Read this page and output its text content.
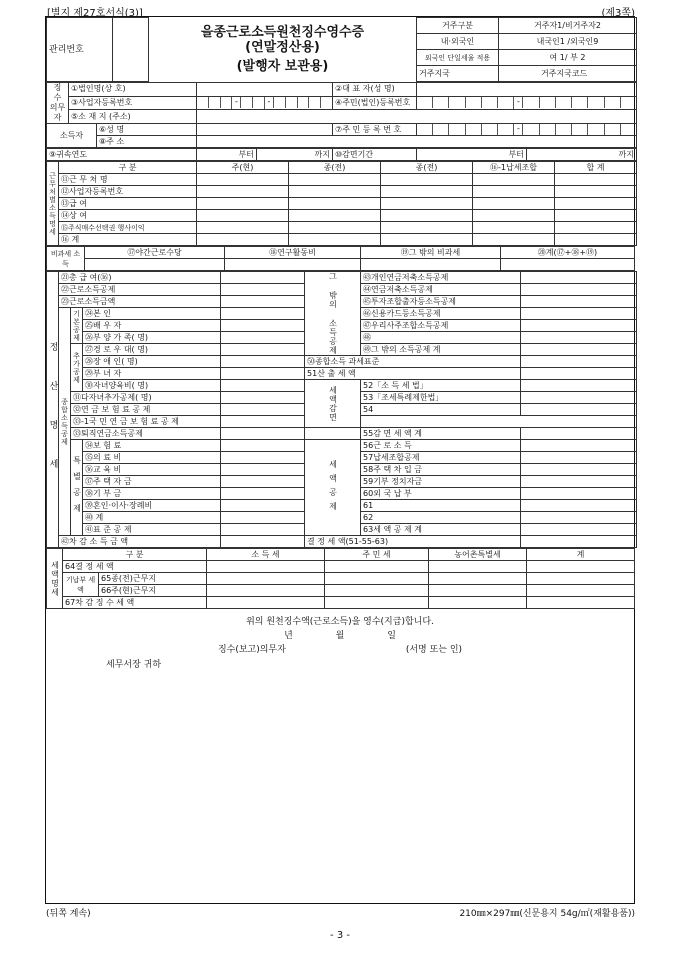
[별지 제27호서식(3)]	(제3쪽)
관리번호		을종근로소득원천징수영수증
(연말정산용)
(발행자 보관용)	거주구분	거주자1/비거주자2
			내·외국인	내국인1 /외국인9
			외국인 단일세율 적용	여 1/ 부 2
			거주지국	거주지국코드
징 수 의무자	①법인명(상 호)			②대 표 자(성 명)	
	③사업자등록번호		- -	④주민(법인)등록번호	-

	⑤소 재 지 (주소)				
소득자		⑥성 명		⑦주 민 등 록 번 호	-

		⑧주 소			
⑨귀속연도	부터	까지	⑩감면기간	부터	까지
근무처별소득명세	구 분	주(현)	종(전)	종(전)	⑯-1납세조합	합 계
	⑪근 무 처 명					
	⑫사업자등록번호					
	⑬급 여					
	⑭상 여					
	⑮주식매수선택권 행사이익					
	⑯ 계					
비과세 소 득	⑰야간근로수당	⑱연구활동비	⑲그 밖의 비과세	⑳계(⑰+⑱+⑲)

정 산 명 세	㉑총 급 여(⑯)				그 밖의 소득공제	㊸개인연금저축소득공제	
	㉒근로소득공제					㊹연금저축소득공제	
	㉓근로소득금액					㊺투자조합출자등소득공제	
	종합소득공제	기본공제	㉔본 인			㊻신용카드등소득공제	
			㉕배 우 자			㊼우리사주조합소득공제	
			㉖부 양 가 족( 명)			㊽	
		추가공제	㉗경 로 우 대( 명)			㊾그 밖의 소득공제 계	
			㉘장 애 인( 명)		㊿종합소득 과세표준		
			㉙부 녀 자		51산 출 세 액		
			㉚자녀양육비( 명)		세액감면	52「소 득 세 법」	
		㉛다자녀추가공제( 명)				53「조세특례제한법」	
		㉜연 금 보 험 료 공 제				54	
		㉝-1국 민 연 금 보 험 료 공 제					
		㉝퇴직연금소득공제				55감 면 세 액 계	
		특별공제	㉞보 험 료		세액공제	56근 로 소 득	
			㉟의 료 비			57납세조합공제	
			㊱교 육 비			58주 택 차 입 금	
			㊲주 택 자 금			59기부 정치자금	
			㊳기 부 금			60외 국 납 부	
			㊴혼인·이사·장례비			61	
			㊵ 계			62	
			㊶표 준 공 제			63세 액 공 제 계	
	㊷차 감 소 득 금 액				결 정 세 액(51-55-63)		
세액명세	구 분		소 득 세	주 민 세	농어촌특별세	계
	64결 정 세 액					
	기납부 세 액	65종(전)근무지				
		66주(현)근무지				
	67차 감 징 수 세 액					
위의 원천징수액(근로소득)을 영수(지급)합니다.
년 월 일
징수(보고)의무자	(서명 또는 인)
세무서장 귀하
(뒤쪽 계속)	210㎜×297㎜(신문용지 54g/㎡(재활용품))
- 3 -
